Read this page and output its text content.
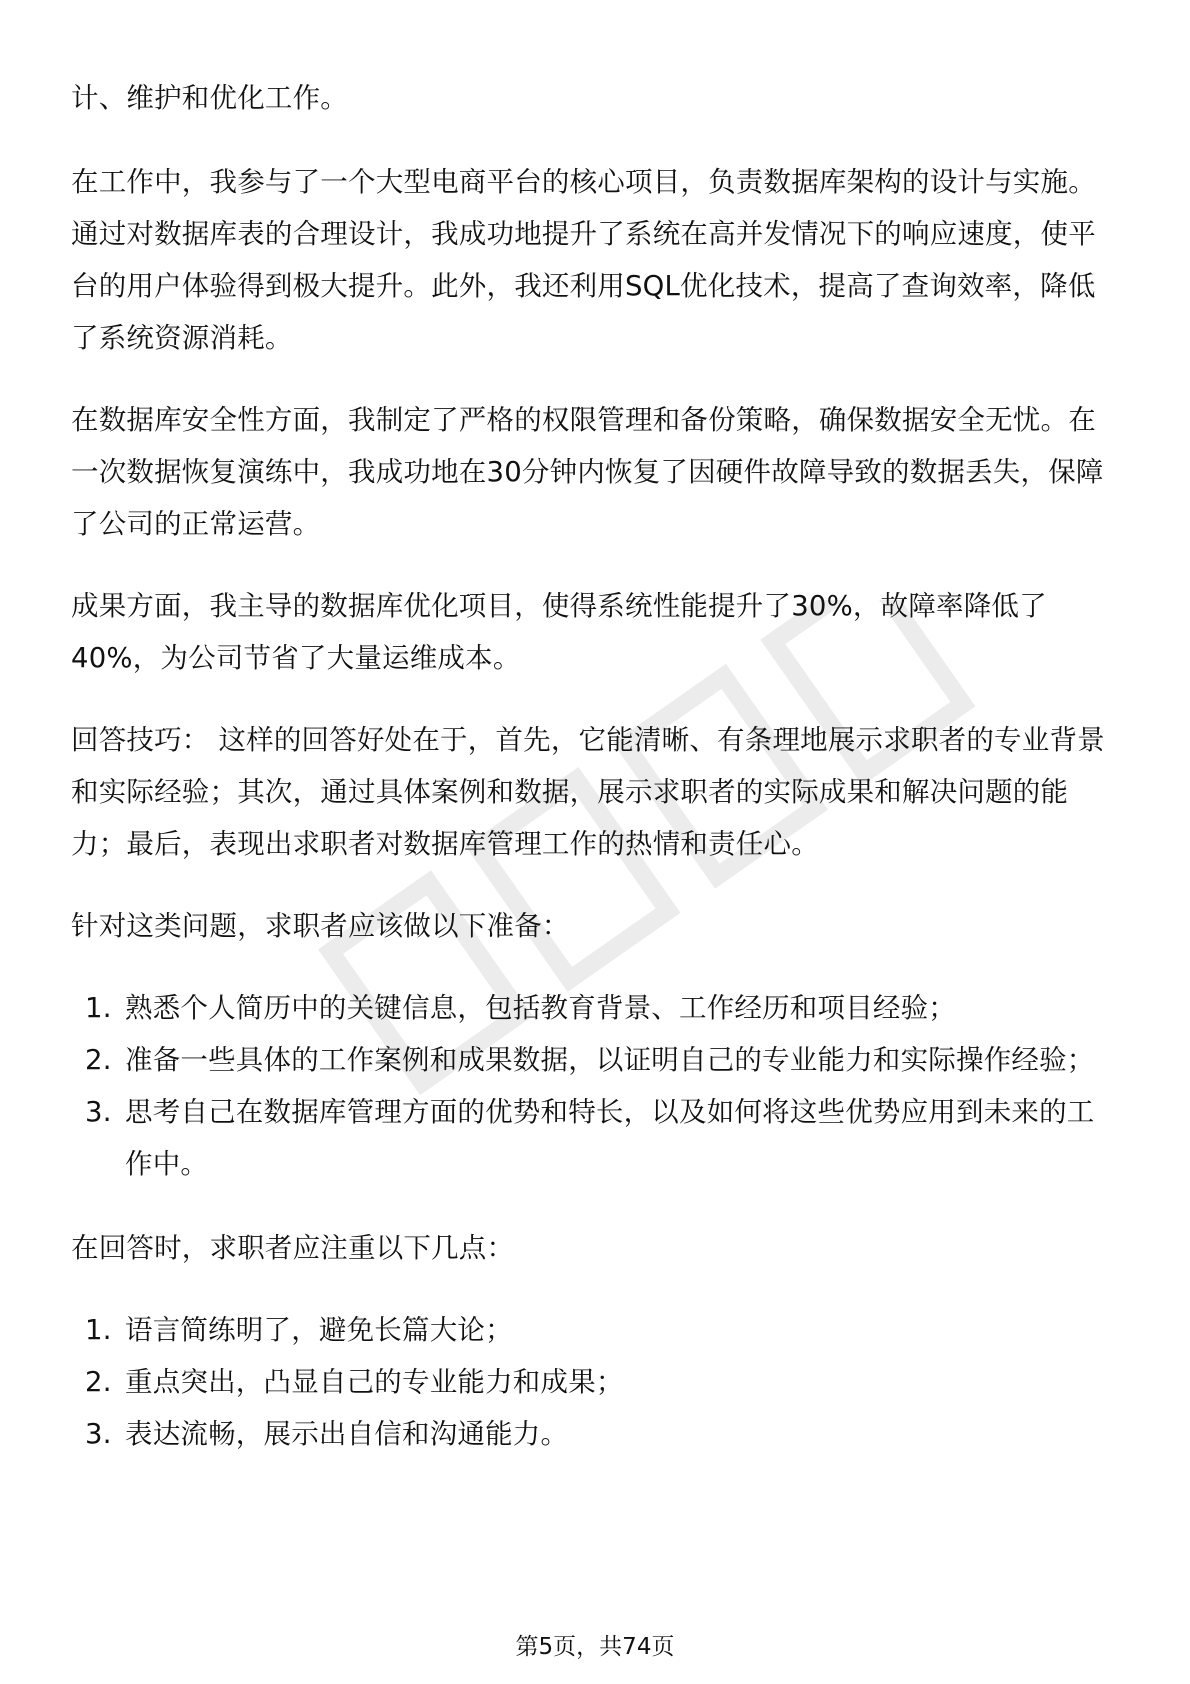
计、维护和优化工作。

在工作中，我参与了一个大型电商平台的核心项目，负责数据库架构的设计与实施。通过对数据库表的合理设计，我成功地提升了系统在高并发情况下的响应速度，使平台的用户体验得到极大提升。此外，我还利用SQL优化技术，提高了查询效率，降低了系统资源消耗。

在数据库安全性方面，我制定了严格的权限管理和备份策略，确保数据安全无忧。在一次数据恢复演练中，我成功地在30分钟内恢复了因硬件故障导致的数据丢失，保障了公司的正常运营。

成果方面，我主导的数据库优化项目，使得系统性能提升了30%，故障率降低了40%，为公司节省了大量运维成本。

回答技巧： 这样的回答好处在于，首先，它能清晰、有条理地展示求职者的专业背景和实际经验；其次，通过具体案例和数据，展示求职者的实际成果和解决问题的能力；最后，表现出求职者对数据库管理工作的热情和责任心。

针对这类问题，求职者应该做以下准备：

1. 熟悉个人简历中的关键信息，包括教育背景、工作经历和项目经验；
2. 准备一些具体的工作案例和成果数据，以证明自己的专业能力和实际操作经验；
3. 思考自己在数据库管理方面的优势和特长，以及如何将这些优势应用到未来的工作中。

在回答时，求职者应注重以下几点：

1. 语言简练明了，避免长篇大论；
2. 重点突出，凸显自己的专业能力和成果；
3. 表达流畅，展示出自信和沟通能力。
第5页，共74页
